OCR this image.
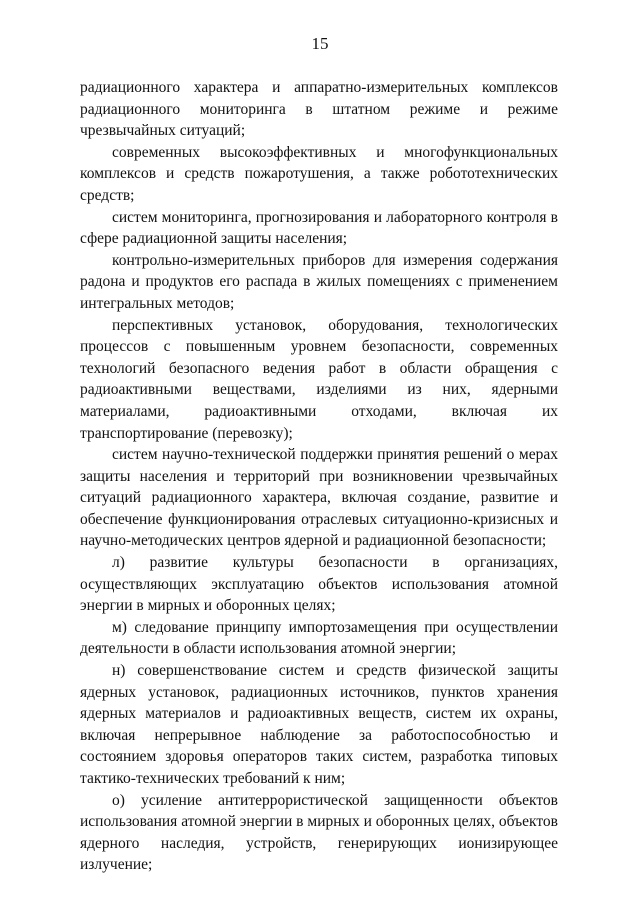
15

радиационного характера и аппаратно-измерительных комплексов радиационного мониторинга в штатном режиме и режиме чрезвычайных ситуаций;

современных высокоэффективных и многофункциональных комплексов и средств пожаротушения, а также робототехнических средств;

систем мониторинга, прогнозирования и лабораторного контроля в сфере радиационной защиты населения;

контрольно-измерительных приборов для измерения содержания радона и продуктов его распада в жилых помещениях с применением интегральных методов;

перспективных установок, оборудования, технологических процессов с повышенным уровнем безопасности, современных технологий безопасного ведения работ в области обращения с радиоактивными веществами, изделиями из них, ядерными материалами, радиоактивными отходами, включая их транспортирование (перевозку);

систем научно-технической поддержки принятия решений о мерах защиты населения и территорий при возникновении чрезвычайных ситуаций радиационного характера, включая создание, развитие и обеспечение функционирования отраслевых ситуационно-кризисных и научно-методических центров ядерной и радиационной безопасности;

л) развитие культуры безопасности в организациях, осуществляющих эксплуатацию объектов использования атомной энергии в мирных и оборонных целях;

м) следование принципу импортозамещения при осуществлении деятельности в области использования атомной энергии;

н) совершенствование систем и средств физической защиты ядерных установок, радиационных источников, пунктов хранения ядерных материалов и радиоактивных веществ, систем их охраны, включая непрерывное наблюдение за работоспособностью и состоянием здоровья операторов таких систем, разработка типовых тактико-технических требований к ним;

о) усиление антитеррористической защищенности объектов использования атомной энергии в мирных и оборонных целях, объектов ядерного наследия, устройств, генерирующих ионизирующее излучение;
